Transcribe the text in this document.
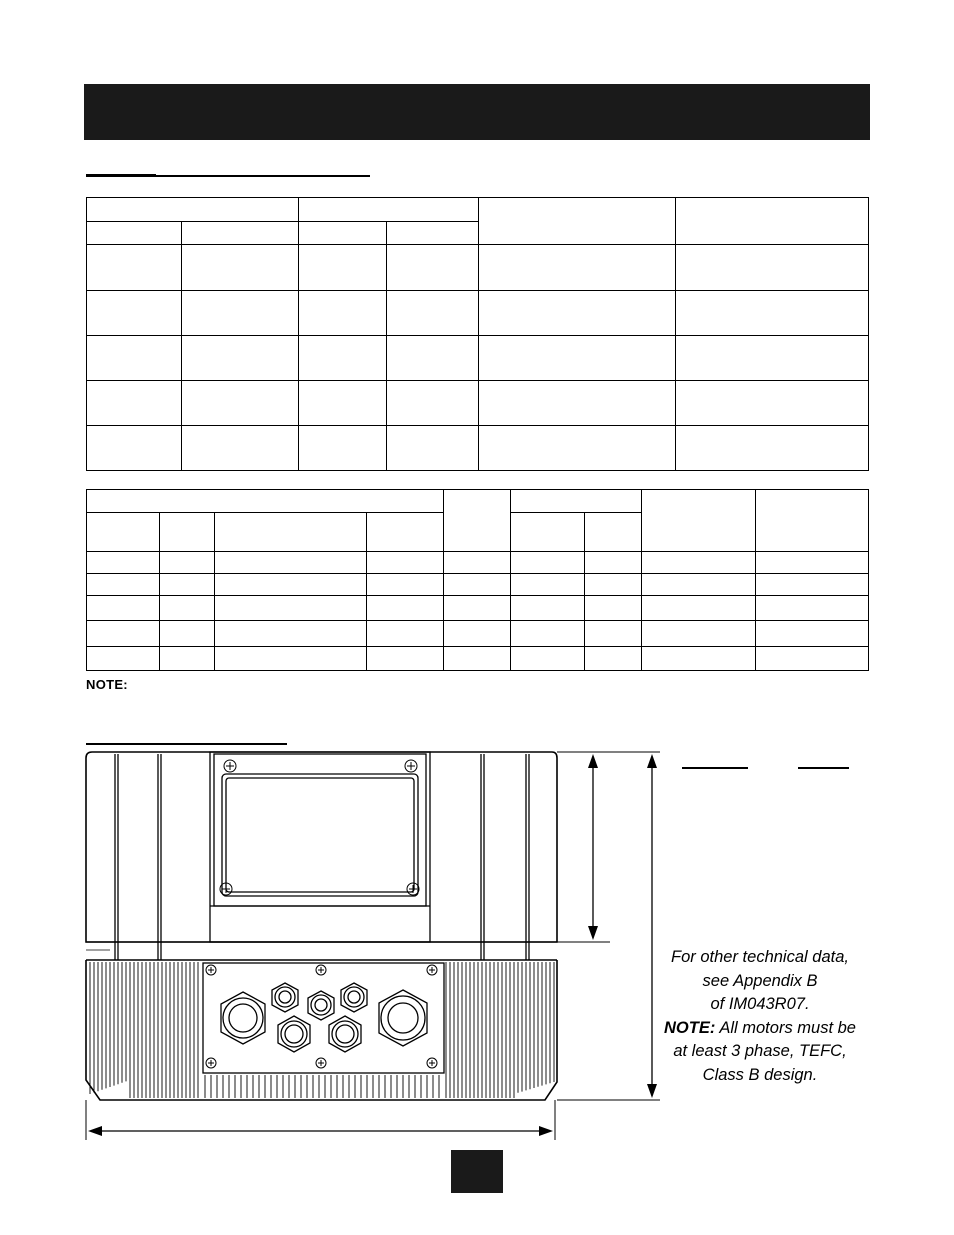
NOTE:
For other technical data,
see Appendix B
of IM043R07.
NOTE: All motors must be
at least 3 phase, TEFC,
Class B design.
